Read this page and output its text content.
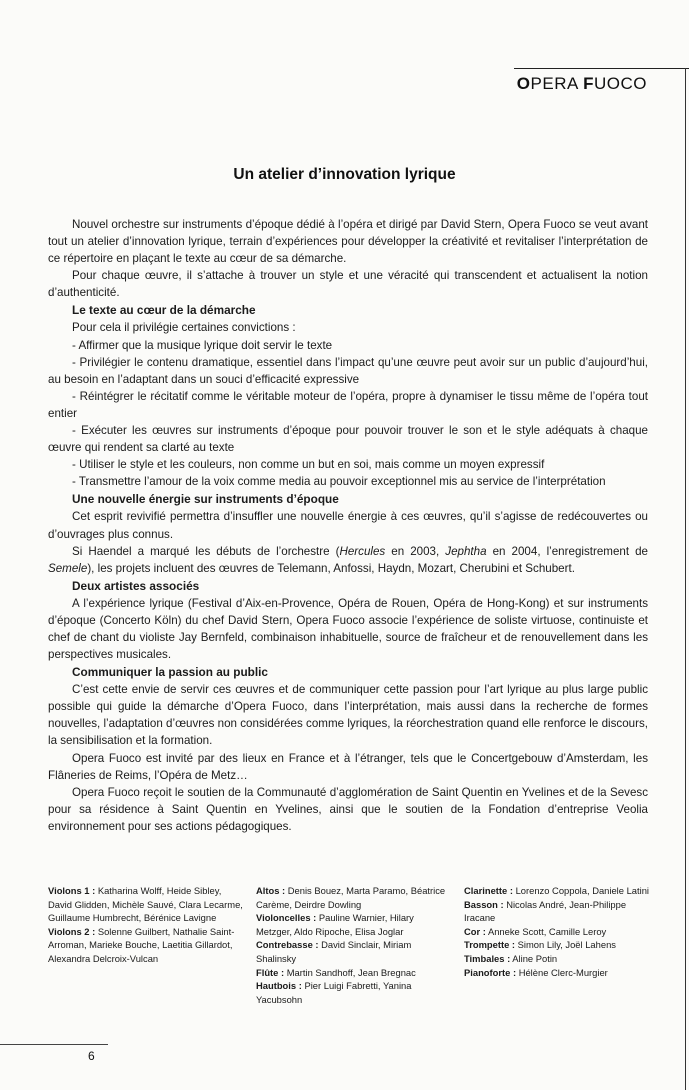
OPERA FUOCO
Un atelier d’innovation lyrique

Nouvel orchestre sur instruments d’époque dédié à l’opéra et dirigé par David Stern, Opera Fuoco se veut avant tout un atelier d’innovation lyrique, terrain d’expériences pour développer la créativité et revitaliser l’interprétation de ce répertoire en plaçant le texte au cœur de sa démarche.

Pour chaque œuvre, il s’attache à trouver un style et une véracité qui transcendent et actualisent la notion d’authenticité.

Le texte au cœur de la démarche

Pour cela il privilégie certaines convictions :

- Affirmer que la musique lyrique doit servir le texte

- Privilégier le contenu dramatique, essentiel dans l’impact qu’une œuvre peut avoir sur un public d’aujourd’hui, au besoin en l’adaptant dans un souci d’efficacité expressive

- Réintégrer le récitatif comme le véritable moteur de l’opéra, propre à dynamiser le tissu même de l’opéra tout entier

- Exécuter les œuvres sur instruments d’époque pour pouvoir trouver le son et le style adéquats à chaque œuvre qui rendent sa clarté au texte

- Utiliser le style et les couleurs, non comme un but en soi, mais comme un moyen expressif

- Transmettre l’amour de la voix comme media au pouvoir exceptionnel mis au service de l’interprétation

Une nouvelle énergie sur instruments d’époque

Cet esprit revivifié permettra d’insuffler une nouvelle énergie à ces œuvres, qu’il s’agisse de redécouvertes ou d’ouvrages plus connus.

Si Haendel a marqué les débuts de l’orchestre (Hercules en 2003, Jephtha en 2004, l’enregistrement de Semele), les projets incluent des œuvres de Telemann, Anfossi, Haydn, Mozart, Cherubini et Schubert.

Deux artistes associés

A l’expérience lyrique (Festival d’Aix-en-Provence, Opéra de Rouen, Opéra de Hong-Kong) et sur instruments d’époque (Concerto Köln) du chef David Stern, Opera Fuoco associe l’expérience de soliste virtuose, continuiste et chef de chant du violiste Jay Bernfeld, combinaison inhabituelle, source de fraîcheur et de renouvellement dans les perspectives musicales.

Communiquer la passion au public

C’est cette envie de servir ces œuvres et de communiquer cette passion pour l’art lyrique au plus large public possible qui guide la démarche d’Opera Fuoco, dans l’interprétation, mais aussi dans la recherche de formes nouvelles, l’adaptation d’œuvres non considérées comme lyriques, la réorchestration quand elle renforce le discours, la sensibilisation et la formation.

Opera Fuoco est invité par des lieux en France et à l’étranger, tels que le Concertgebouw d’Amsterdam, les Flâneries de Reims, l’Opéra de Metz…

Opera Fuoco reçoit le soutien de la Communauté d’agglomération de Saint Quentin en Yvelines et de la Sevesc pour sa résidence à Saint Quentin en Yvelines, ainsi que le soutien de la Fondation d’entreprise Veolia environnement pour ses actions pédagogiques.

Violons 1 : Katharina Wolff, Heide Sibley, David Glidden, Michèle Sauvé, Clara Lecarme, Guillaume Humbrecht, Bérénice Lavigne
Violons 2 : Solenne Guilbert, Nathalie Saint-Arroman, Marieke Bouche, Laetitia Gillardot, Alexandra Delcroix-Vulcan
Altos : Denis Bouez, Marta Paramo, Béatrice Carème, Deirdre Dowling
Violoncelles : Pauline Warnier, Hilary Metzger, Aldo Ripoche, Elisa Joglar
Contrebasse : David Sinclair, Miriam Shalinsky
Flûte : Martin Sandhoff, Jean Bregnac
Hautbois : Pier Luigi Fabretti, Yanina Yacubsohn
Clarinette : Lorenzo Coppola, Daniele Latini
Basson : Nicolas André, Jean-Philippe Iracane
Cor : Anneke Scott, Camille Leroy
Trompette : Simon Lily, Joël Lahens
Timbales : Aline Potin
Pianoforte : Hélène Clerc-Murgier
6
